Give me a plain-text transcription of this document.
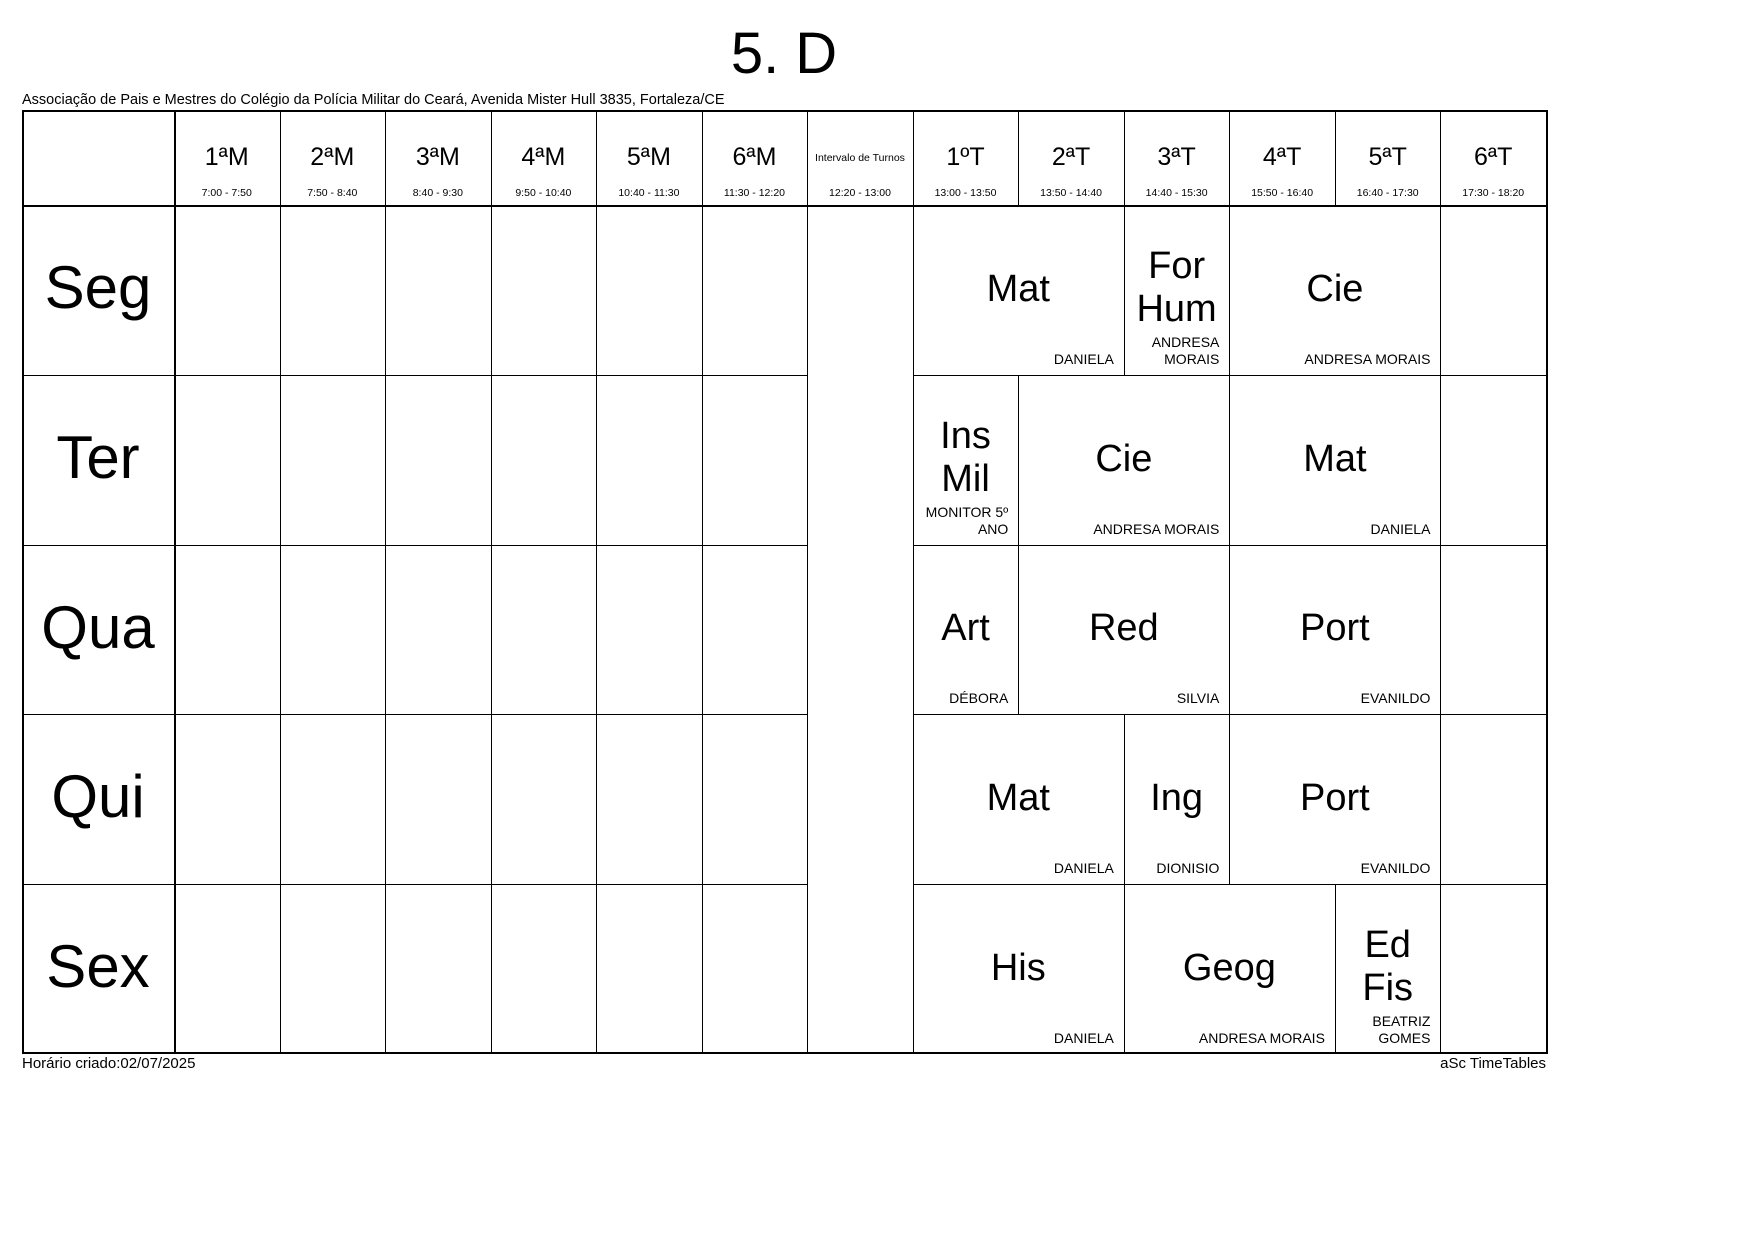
5. D
Associação de Pais e Mestres do Colégio da Polícia Militar do Ceará, Avenida Mister Hull 3835, Fortaleza/CE
1ªM
7:00 - 7:50
2ªM
7:50 - 8:40
3ªM
8:40 - 9:30
4ªM
9:50 - 10:40
5ªM
10:40 - 11:30
6ªM
11:30 - 12:20
Intervalo de Turnos
12:20 - 13:00
1ºT
13:00 - 13:50
2ªT
13:50 - 14:40
3ªT
14:40 - 15:30
4ªT
15:50 - 16:40
5ªT
16:40 - 17:30
6ªT
17:30 - 18:20
Seg
Ter
Qua
Qui
Sex
Mat
DANIELA
For Hum
ANDRESA MORAIS
Cie
ANDRESA MORAIS
Ins Mil
MONITOR 5º ANO
Cie
ANDRESA MORAIS
Mat
DANIELA
Art
DÉBORA
Red
SILVIA
Port
EVANILDO
Mat
DANIELA
Ing
DIONISIO
Port
EVANILDO
His
DANIELA
Geog
ANDRESA MORAIS
Ed Fis
BEATRIZ GOMES
Horário criado:02/07/2025	aSc TimeTables
